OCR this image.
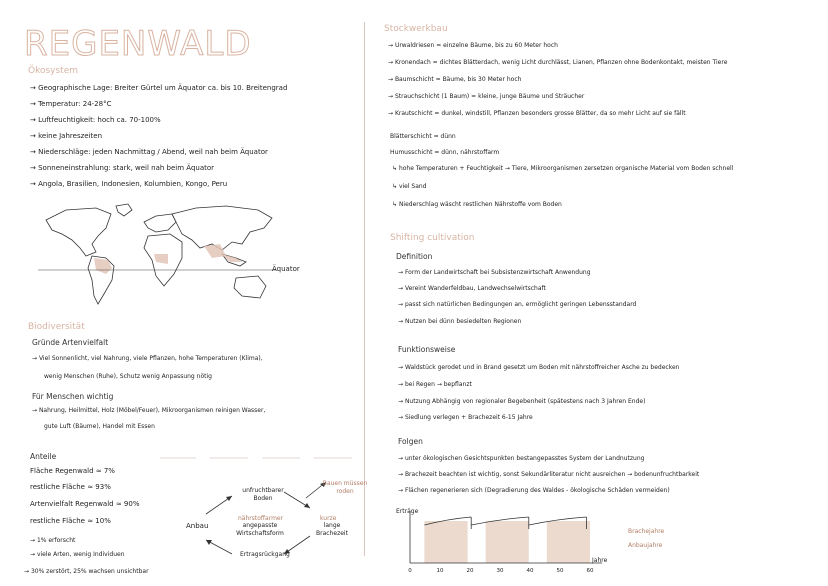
REGENWALD
Ökosystem
→ Geographische Lage: Breiter Gürtel um Äquator ca. bis 10. Breitengrad
→ Temperatur: 24-28°C
→ Luftfeuchtigkeit: hoch ca. 70-100%
→ keine Jahreszeiten
→ Niederschläge: jeden Nachmittag / Abend, weil nah beim Äquator
→ Sonneneinstrahlung: stark, weil nah beim Äquator
→ Angola, Brasilien, Indonesien, Kolumbien, Kongo, Peru
Äquator
Biodiversität
Gründe Artenvielfalt
→ Viel Sonnenlicht, viel Nahrung, viele Pflanzen, hohe Temperaturen (Klima),
wenig Menschen (Ruhe), Schutz wenig Anpassung nötig
Für Menschen wichtig
→ Nahrung, Heilmittel, Holz (Möbel/Feuer), Mikroorganismen reinigen Wasser,
gute Luft (Bäume), Handel mit Essen
Anteile
Fläche Regenwald ≈ 7%
restliche Fläche ≈ 93%
Artenvielfalt Regenwald ≈ 90%
restliche Fläche ≈ 10%
→ 1% erforscht
→ viele Arten, wenig Individuen
→ 30% zerstört, 25% wachsen unsichtbar
unfruchtbarer Boden
Bauen müssen roden
Anbau
nährstoffarmer
angepasste Wirtschaftsform
kurze
lange Brachezeit
Ertragsrückgang
Stockwerkbau
→ Urwaldriesen = einzelne Bäume, bis zu 60 Meter hoch
→ Kronendach = dichtes Blätterdach, wenig Licht durchlässt, Lianen, Pflanzen ohne Bodenkontakt, meisten Tiere
→ Baumschicht = Bäume, bis 30 Meter hoch
→ Strauchschicht (1 Baum) = kleine, junge Bäume und Sträucher
→ Krautschicht = dunkel, windstill, Pflanzen besonders grosse Blätter, da so mehr Licht auf sie fällt
Blätterschicht = dünn
Humusschicht = dünn, nährstoffarm
↳ hohe Temperaturen + Feuchtigkeit → Tiere, Mikroorganismen zersetzen organische Material vom Boden schnell
↳ viel Sand
↳ Niederschlag wäscht restlichen Nährstoffe vom Boden
Shifting cultivation
Definition
→ Form der Landwirtschaft bei Subsistenzwirtschaft Anwendung
→ Vereint Wanderfeldbau, Landwechselwirtschaft
→ passt sich natürlichen Bedingungen an, ermöglicht geringen Lebensstandard
→ Nutzen bei dünn besiedelten Regionen
Funktionsweise
→ Waldstück gerodet und in Brand gesetzt um Boden mit nährstoffreicher Asche zu bedecken
→ bei Regen → bepflanzt
→ Nutzung Abhängig von regionaler Begebenheit (spätestens nach 3 Jahren Ende)
→ Siedlung verlegen + Brachezeit 6-15 Jahre
Folgen
→ unter ökologischen Gesichtspunkten bestangepasstes System der Landnutzung
→ Brachezeit beachten ist wichtig, sonst Sekundärliteratur nicht ausreichen → bodenunfruchtbarkeit
→ Flächen regenerieren sich (Degradierung des Waldes - ökologische Schäden vermeiden)
0	10	20	30	40	50	60
Erträge
Jahre
Brachejahre
Anbaujahre
